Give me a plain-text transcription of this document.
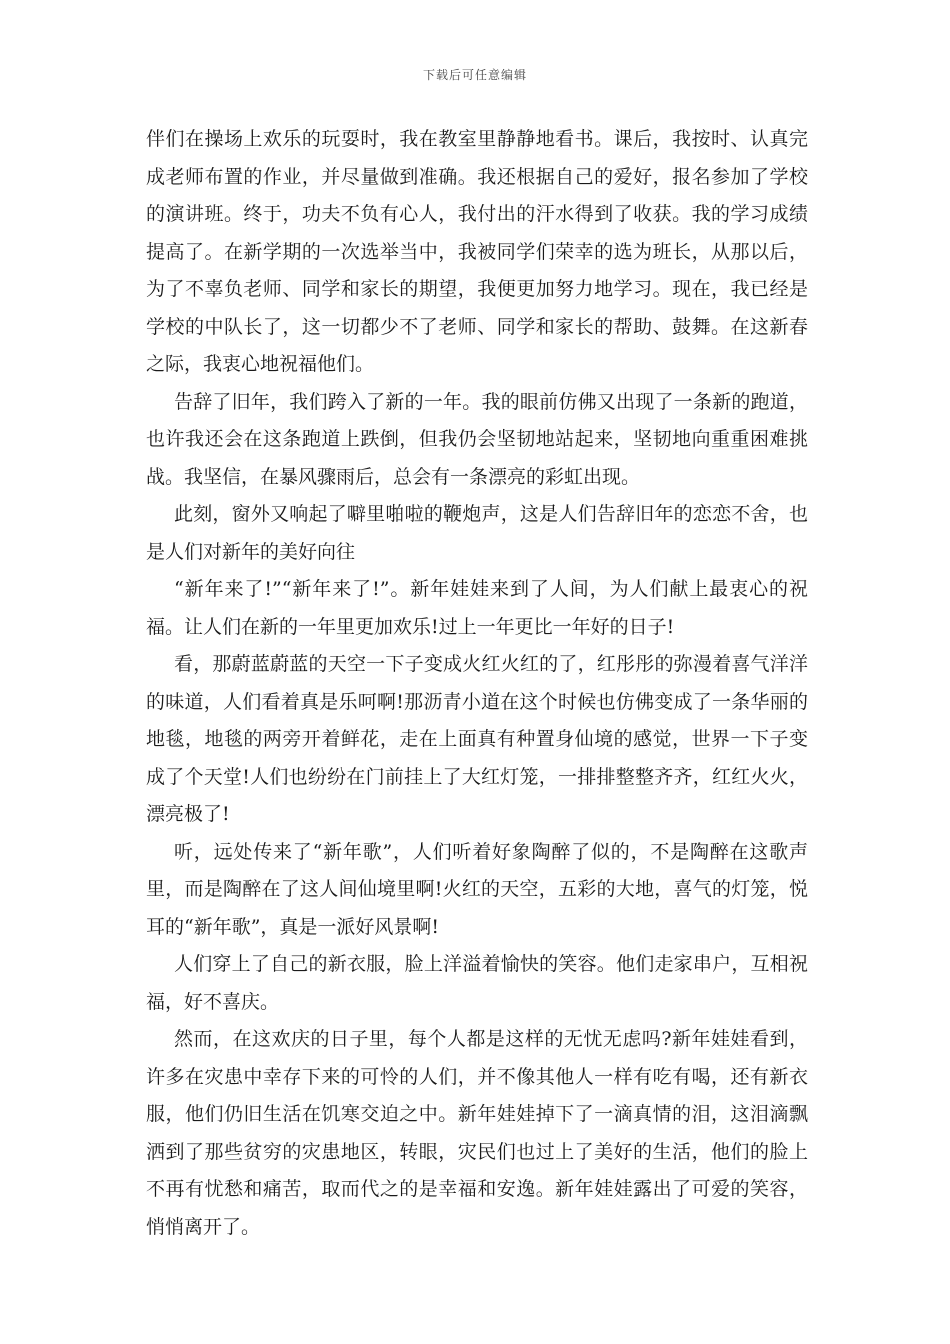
下载后可任意编辑

伴们在操场上欢乐的玩耍时，我在教室里静静地看书。课后，我按时、认真完成老师布置的作业，并尽量做到准确。我还根据自己的爱好，报名参加了学校的演讲班。终于，功夫不负有心人，我付出的汗水得到了收获。我的学习成绩提高了。在新学期的一次选举当中，我被同学们荣幸的选为班长，从那以后，为了不辜负老师、同学和家长的期望，我便更加努力地学习。现在，我已经是学校的中队长了，这一切都少不了老师、同学和家长的帮助、鼓舞。在这新春之际，我衷心地祝福他们。

告辞了旧年，我们跨入了新的一年。我的眼前仿佛又出现了一条新的跑道，也许我还会在这条跑道上跌倒，但我仍会坚韧地站起来，坚韧地向重重困难挑战。我坚信，在暴风骤雨后，总会有一条漂亮的彩虹出现。

此刻，窗外又响起了噼里啪啦的鞭炮声，这是人们告辞旧年的恋恋不舍，也是人们对新年的美好向往

“新年来了!”“新年来了!”。新年娃娃来到了人间，为人们献上最衷心的祝福。让人们在新的一年里更加欢乐!过上一年更比一年好的日子!

看，那蔚蓝蔚蓝的天空一下子变成火红火红的了，红彤彤的弥漫着喜气洋洋的味道，人们看着真是乐呵啊!那沥青小道在这个时候也仿佛变成了一条华丽的地毯，地毯的两旁开着鲜花，走在上面真有种置身仙境的感觉，世界一下子变成了个天堂!人们也纷纷在门前挂上了大红灯笼，一排排整整齐齐，红红火火，漂亮极了!

听，远处传来了“新年歌”，人们听着好象陶醉了似的，不是陶醉在这歌声里，而是陶醉在了这人间仙境里啊!火红的天空，五彩的大地，喜气的灯笼，悦耳的“新年歌”，真是一派好风景啊!

人们穿上了自己的新衣服，脸上洋溢着愉快的笑容。他们走家串户，互相祝福，好不喜庆。

然而，在这欢庆的日子里，每个人都是这样的无忧无虑吗?新年娃娃看到，许多在灾患中幸存下来的可怜的人们，并不像其他人一样有吃有喝，还有新衣服，他们仍旧生活在饥寒交迫之中。新年娃娃掉下了一滴真情的泪，这泪滴飘洒到了那些贫穷的灾患地区，转眼，灾民们也过上了美好的生活，他们的脸上不再有忧愁和痛苦，取而代之的是幸福和安逸。新年娃娃露出了可爱的笑容，悄悄离开了。
